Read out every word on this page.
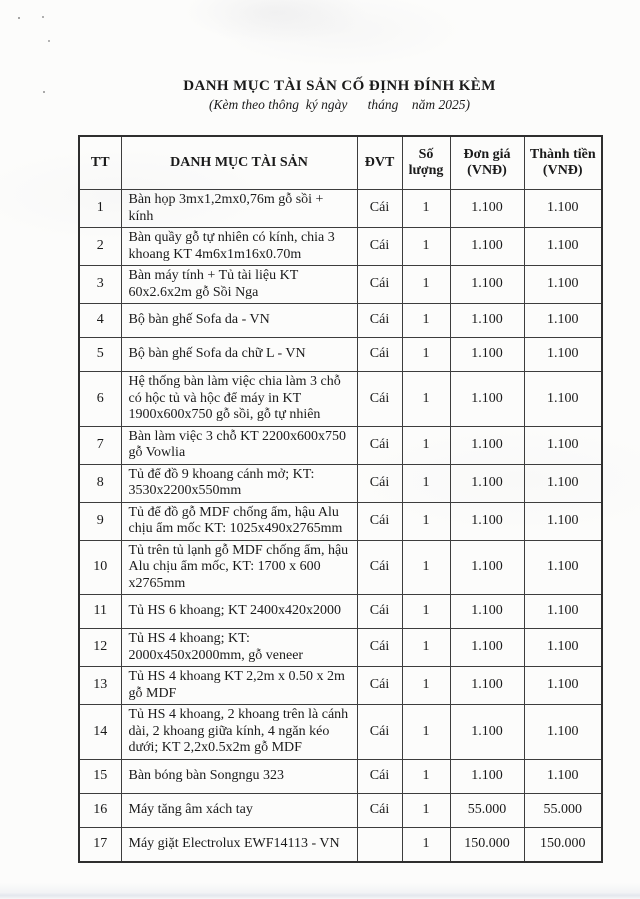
DANH MỤC TÀI SẢN CỐ ĐỊNH ĐÍNH KÈM
(Kèm theo thông  ký ngày      tháng    năm 2025)
TT	DANH MỤC TÀI SẢN	ĐVT	Số lượng	Đơn giá (VNĐ)	Thành tiền (VNĐ)
1	Bàn họp 3mx1,2mx0,76m gỗ sồi + kính	Cái	1	1.100	1.100
2	Bàn quầy gỗ tự nhiên có kính, chia 3 khoang KT 4m6x1m16x0.70m	Cái	1	1.100	1.100
3	Bàn máy tính + Tủ tài liệu KT 60x2.6x2m gỗ Sồi Nga	Cái	1	1.100	1.100
4	Bộ bàn ghế Sofa da - VN	Cái	1	1.100	1.100
5	Bộ bàn ghế Sofa da chữ L - VN	Cái	1	1.100	1.100
6	Hệ thống bàn làm việc chia làm 3 chỗ có hộc tủ và hộc để máy in KT 1900x600x750 gỗ sồi, gỗ tự nhiên	Cái	1	1.100	1.100
7	Bàn làm việc 3 chỗ KT 2200x600x750 gỗ Vowlia	Cái	1	1.100	1.100
8	Tủ để đồ 9 khoang cánh mở; KT: 3530x2200x550mm	Cái	1	1.100	1.100
9	Tủ để đồ gỗ MDF chống ẩm, hậu Alu chịu ẩm mốc KT: 1025x490x2765mm	Cái	1	1.100	1.100
10	Tủ trên tủ lạnh gỗ MDF chống ẩm, hậu Alu chịu ẩm mốc, KT: 1700 x 600 x2765mm	Cái	1	1.100	1.100
11	Tủ HS 6 khoang; KT 2400x420x2000	Cái	1	1.100	1.100
12	Tủ HS 4 khoang; KT: 2000x450x2000mm, gỗ veneer	Cái	1	1.100	1.100
13	Tủ HS 4 khoang KT 2,2m x 0.50 x 2m gỗ MDF	Cái	1	1.100	1.100
14	Tủ HS 4 khoang, 2 khoang trên là cánh dài, 2 khoang giữa kính, 4 ngăn kéo dưới; KT 2,2x0.5x2m gỗ MDF	Cái	1	1.100	1.100
15	Bàn bóng bàn Songngu 323	Cái	1	1.100	1.100
16	Máy tăng âm xách tay	Cái	1	55.000	55.000
17	Máy giặt Electrolux EWF14113 - VN		1	150.000	150.000
